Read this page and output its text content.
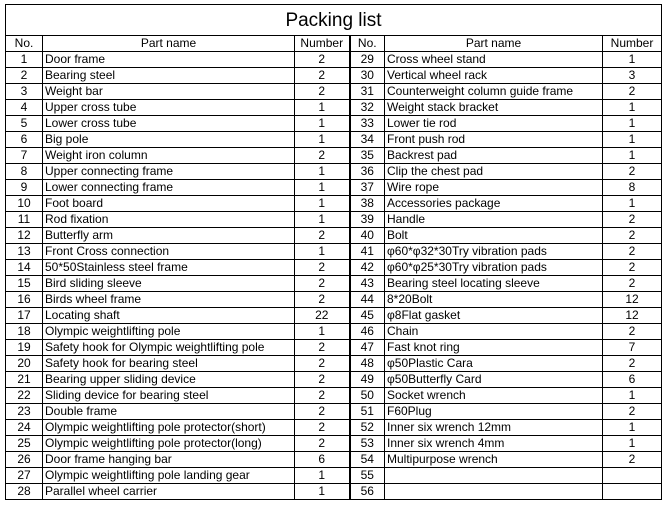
Packing list					
No.	Part name	Number	No.	Part name	Number
1	Door frame	2	29	Cross wheel stand	1
2	Bearing steel	2	30	Vertical wheel rack	3
3	Weight bar	2	31	Counterweight column guide frame	2
4	Upper cross tube	1	32	Weight stack bracket	1
5	Lower cross tube	1	33	Lower tie rod	1
6	Big pole	1	34	Front push rod	1
7	Weight iron column	2	35	Backrest pad	1
8	Upper connecting frame	1	36	Clip the chest pad	2
9	Lower connecting frame	1	37	Wire rope	8
10	Foot board	1	38	Accessories package	1
11	Rod fixation	1	39	Handle	2
12	Butterfly arm	2	40	Bolt	2
13	Front Cross connection	1	41	φ60*φ32*30Try vibration pads	2
14	50*50Stainless steel frame	2	42	φ60*φ25*30Try vibration pads	2
15	Bird sliding sleeve	2	43	Bearing steel locating sleeve	2
16	Birds wheel frame	2	44	8*20Bolt	12
17	Locating shaft	22	45	φ8Flat gasket	12
18	Olympic weightlifting pole	1	46	Chain	2
19	Safety hook for Olympic weightlifting pole	2	47	Fast knot ring	7
20	Safety hook for bearing steel	2	48	φ50Plastic Cara	2
21	Bearing upper sliding device	2	49	φ50Butterfly Card	6
22	Sliding device for bearing steel	2	50	Socket wrench	1
23	Double frame	2	51	F60Plug	2
24	Olympic weightlifting pole protector(short)	2	52	Inner six wrench 12mm	1
25	Olympic weightlifting pole protector(long)	2	53	Inner six wrench 4mm	1
26	Door frame hanging bar	6	54	Multipurpose wrench	2
27	Olympic weightlifting pole landing gear	1	55		
28	Parallel wheel carrier	1	56		
